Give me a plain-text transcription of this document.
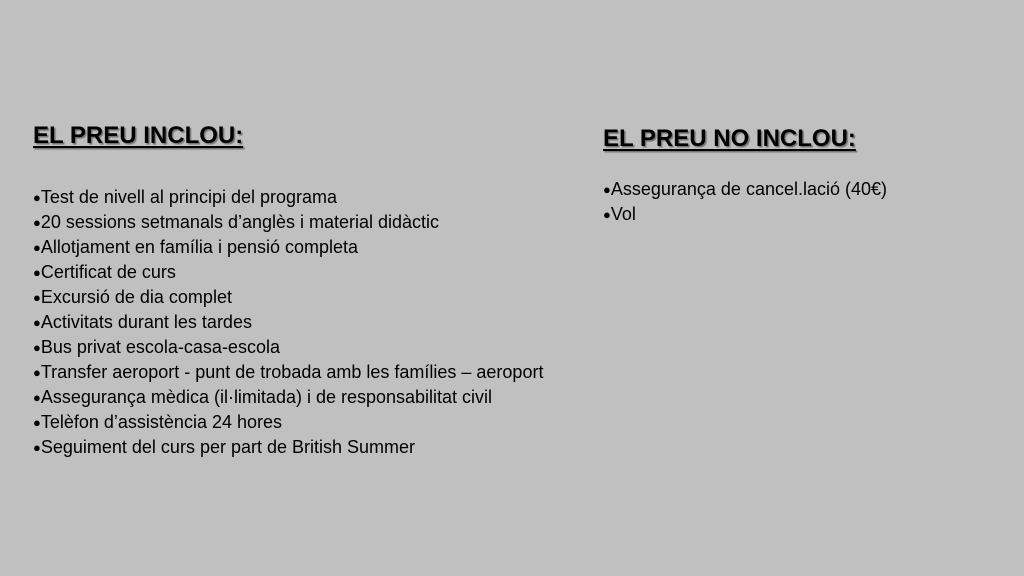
EL PREU INCLOU:
●Test de nivell al principi del programa
●20 sessions setmanals d’anglès i material didàctic
●Allotjament en família i pensió completa
●Certificat de curs
●Excursió de dia complet
●Activitats durant les tardes
●Bus privat escola-casa-escola
●Transfer aeroport - punt de trobada amb les famílies – aeroport
●Assegurança mèdica (il·limitada) i de responsabilitat civil
●Telèfon d’assistència 24 hores
●Seguiment del curs per part de British Summer
EL PREU NO INCLOU:
●Assegurança de cancel.lació (40€)
●Vol
